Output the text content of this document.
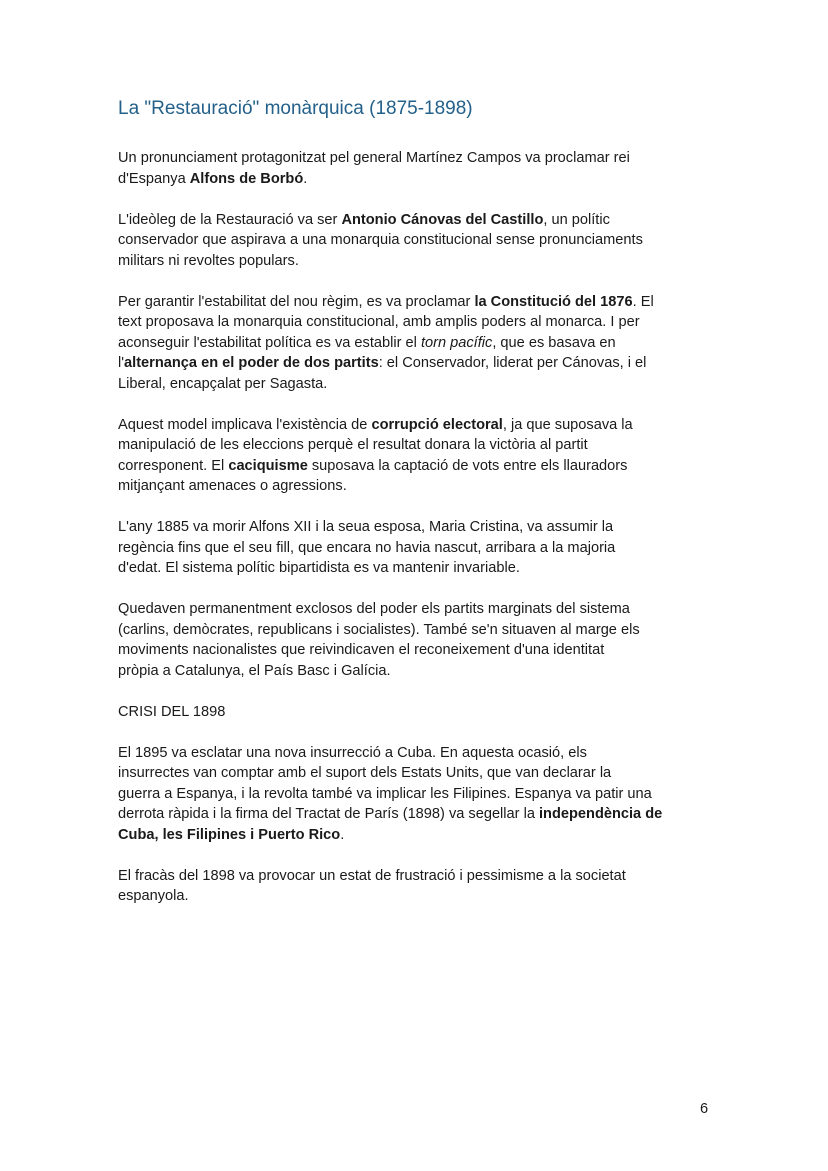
La "Restauració" monàrquica (1875-1898)

Un pronunciament protagonitzat pel general Martínez Campos va proclamar rei
d'Espanya Alfons de Borbó.

L'ideòleg de la Restauració va ser Antonio Cánovas del Castillo, un polític
conservador que aspirava a una monarquia constitucional sense pronunciaments
militars ni revoltes populars.

Per garantir l'estabilitat del nou règim, es va proclamar la Constitució del 1876. El
text proposava la monarquia constitucional, amb amplis poders al monarca. I per
aconseguir l'estabilitat política es va establir el torn pacífic, que es basava en
l'alternança en el poder de dos partits: el Conservador, liderat per Cánovas, i el
Liberal, encapçalat per Sagasta.

Aquest model implicava l'existència de corrupció electoral, ja que suposava la
manipulació de les eleccions perquè el resultat donara la victòria al partit
corresponent. El caciquisme suposava la captació de vots entre els llauradors
mitjançant amenaces o agressions.

L'any 1885 va morir Alfons XII i la seua esposa, Maria Cristina, va assumir la
regència fins que el seu fill, que encara no havia nascut, arribara a la majoria
d'edat. El sistema polític bipartidista es va mantenir invariable.

Quedaven permanentment exclosos del poder els partits marginats del sistema
(carlins, demòcrates, republicans i socialistes). També se'n situaven al marge els
moviments nacionalistes que reivindicaven el reconeixement d'una identitat
pròpia a Catalunya, el País Basc i Galícia.

CRISI DEL 1898

El 1895 va esclatar una nova insurrecció a Cuba. En aquesta ocasió, els
insurrectes van comptar amb el suport dels Estats Units, que van declarar la
guerra a Espanya, i la revolta també va implicar les Filipines. Espanya va patir una
derrota ràpida i la firma del Tractat de París (1898) va segellar la independència de
Cuba, les Filipines i Puerto Rico.

El fracàs del 1898 va provocar un estat de frustració i pessimisme a la societat
espanyola.

6
